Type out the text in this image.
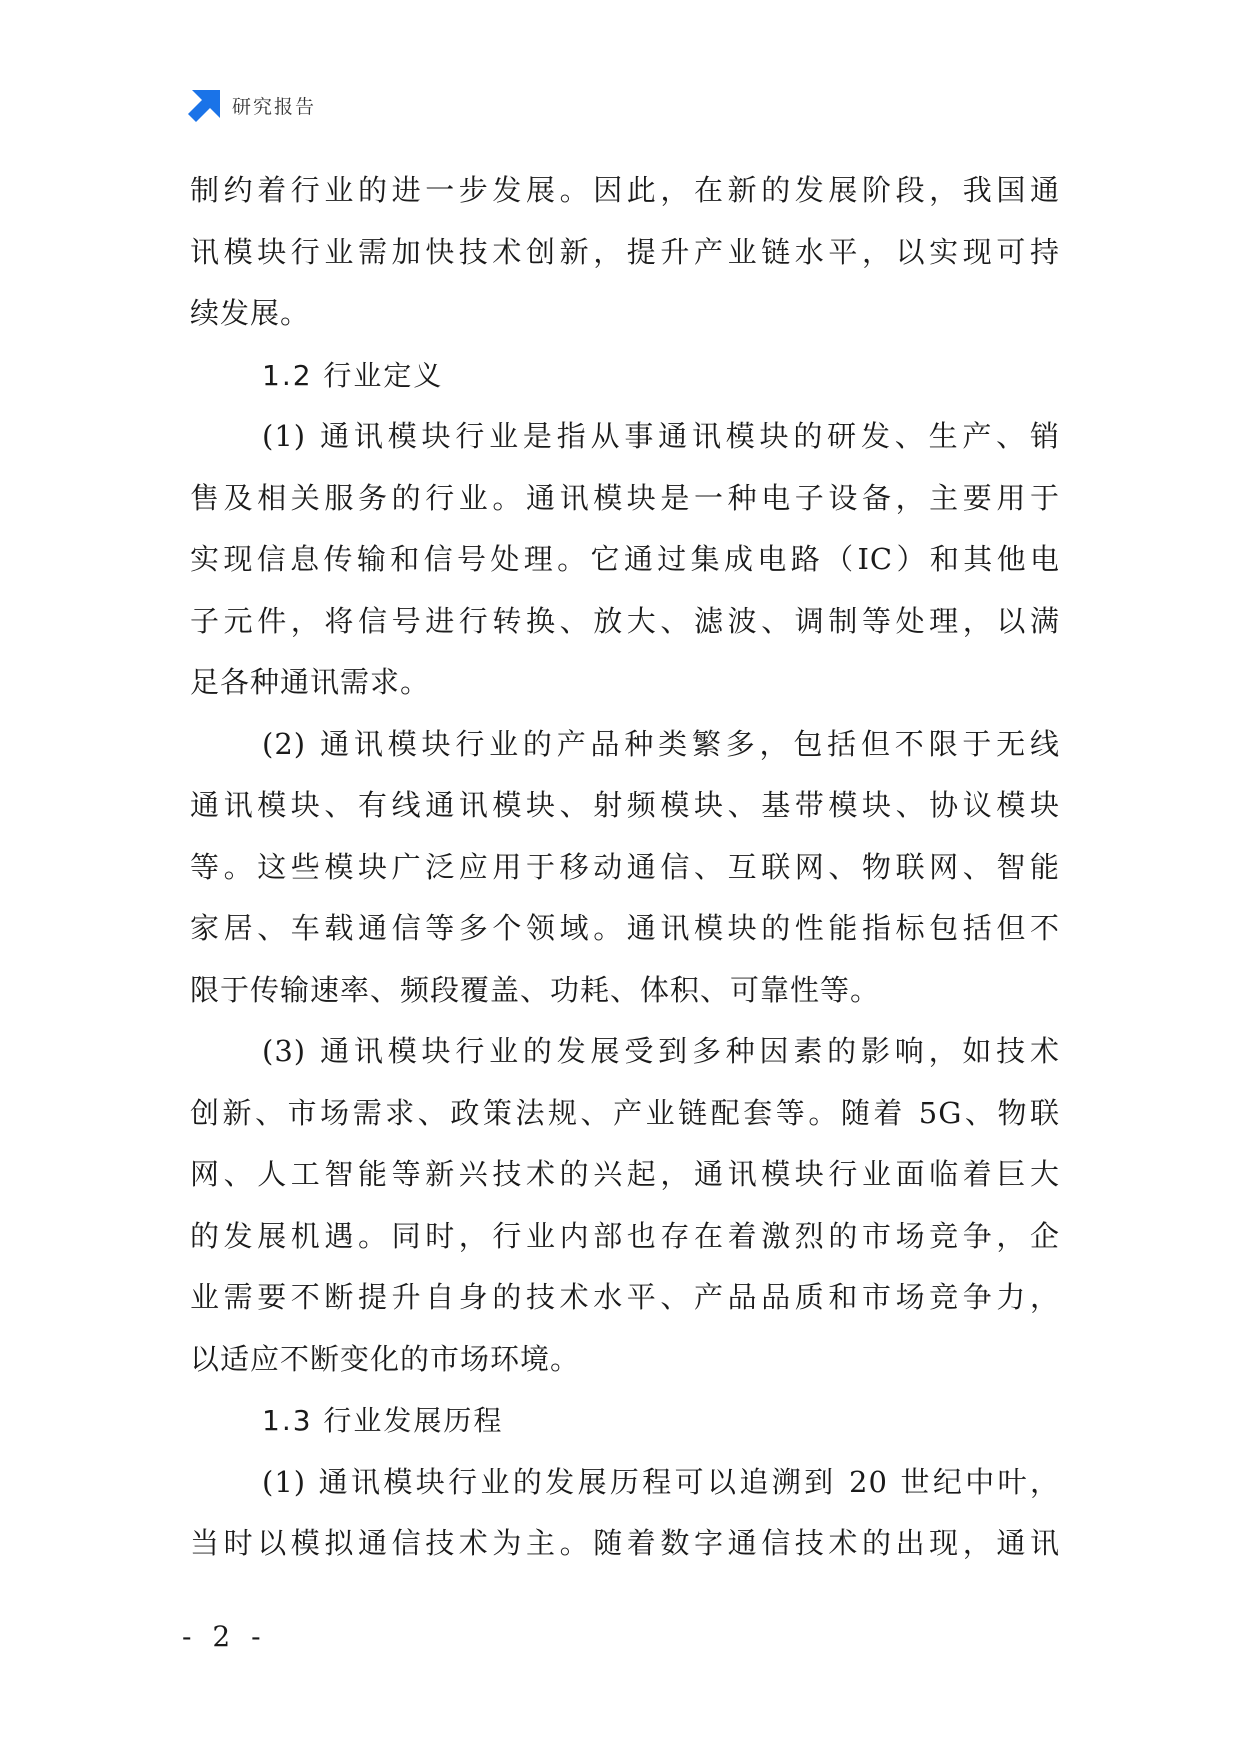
研究报告
制约着行业的进一步发展。因此，在新的发展阶段，我国通
讯模块行业需加快技术创新，提升产业链水平，以实现可持
续发展。
1.2 行业定义
(1) 通讯模块行业是指从事通讯模块的研发、生产、销
售及相关服务的行业。通讯模块是一种电子设备，主要用于
实现信息传输和信号处理。它通过集成电路（IC）和其他电
子元件，将信号进行转换、放大、滤波、调制等处理，以满
足各种通讯需求。
(2) 通讯模块行业的产品种类繁多，包括但不限于无线
通讯模块、有线通讯模块、射频模块、基带模块、协议模块
等。这些模块广泛应用于移动通信、互联网、物联网、智能
家居、车载通信等多个领域。通讯模块的性能指标包括但不
限于传输速率、频段覆盖、功耗、体积、可靠性等。
(3) 通讯模块行业的发展受到多种因素的影响，如技术
创新、市场需求、政策法规、产业链配套等。随着 5G、物联
网、人工智能等新兴技术的兴起，通讯模块行业面临着巨大
的发展机遇。同时，行业内部也存在着激烈的市场竞争，企
业需要不断提升自身的技术水平、产品品质和市场竞争力，
以适应不断变化的市场环境。
1.3 行业发展历程
(1) 通讯模块行业的发展历程可以追溯到 20 世纪中叶，
当时以模拟通信技术为主。随着数字通信技术的出现，通讯
- 2 -
